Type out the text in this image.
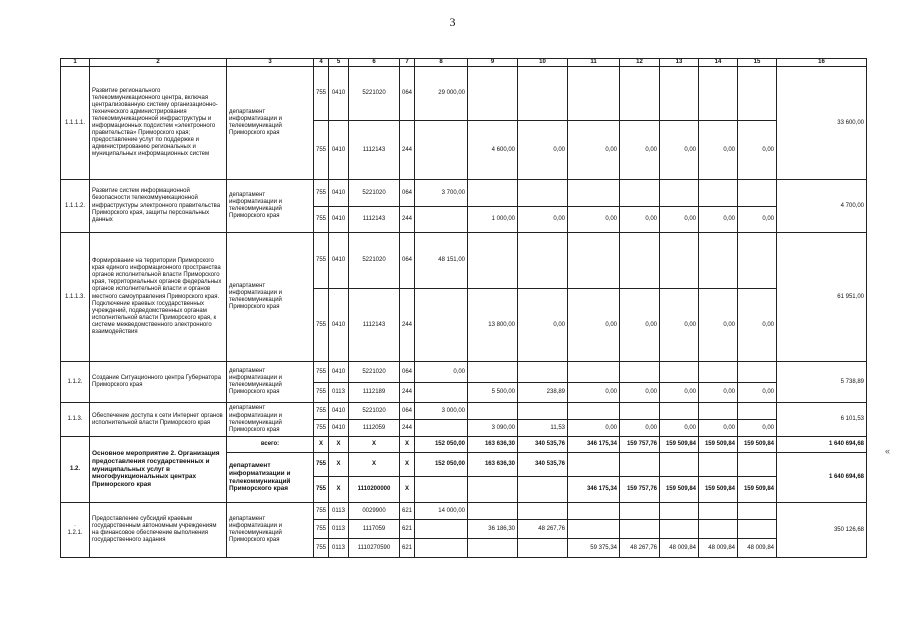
3
«
1	2	3	4	5	6	7	8	9	10	11	12	13	14	15	16
1.1.1.1.	Развитие регионального телекоммуникационного центра, включая централизованную систему организационно-технического администрирования телекоммуникационной инфраструктуры и информационных подсистем «электронного правительства» Приморского края; предоставление услуг по поддержке и администрированию региональных и муниципальных информационных систем	департамент информатизации и телекоммуникаций Приморского края	755	0410	5221020	064	29 000,00								33 600,00
			755	0410	1112143	244		4 600,00	0,00	0,00	0,00	0,00	0,00	0,00	
1.1.1.2.	Развитие систем информационной безопасности телекоммуникационной инфраструктуры электронного правительства Приморского края, защиты персональных данных	департамент информатизации и телекоммуникаций Приморского края	755	0410	5221020	064	3 700,00								4 700,00
			755	0410	1112143	244		1 000,00	0,00	0,00	0,00	0,00	0,00	0,00	
1.1.1.3.	Формирование на территории Приморского края единого информационного пространства органов исполнительной власти Приморского края, территориальных органов федеральных органов исполнительной власти и органов местного самоуправления Приморского края. Подключение краевых государственных учреждений, подведомственных органам исполнительной власти Приморского края, к системе межведомственного электронного взаимодействия	департамент информатизации и телекоммуникаций Приморского края	755	0410	5221020	064	48 151,00								61 951,00
			755	0410	1112143	244		13 800,00	0,00	0,00	0,00	0,00	0,00	0,00	
1.1.2.	Создание Ситуационного центра Губернатора Приморского края	департамент информатизации и телекоммуникаций Приморского края	755	0410	5221020	064	0,00								5 738,89
			755	0113	1112189	244		5 500,00	238,89	0,00	0,00	0,00	0,00	0,00	
1.1.3.	Обеспечение доступа к сети Интернет органов исполнительной власти Приморского края	департамент информатизации и телекоммуникаций Приморского края	755	0410	5221020	064	3 000,00								6 101,53
			755	0410	1112059	244		3 090,00	11,53	0,00	0,00	0,00	0,00	0,00	
1.2.	Основное мероприятие 2. Организация предоставления государственных и муниципальных услуг в многофункциональных центрах Приморского края	всего:	X	X	X	X	152 050,00	163 636,30	340 535,76	346 175,34	159 757,76	159 509,84	159 509,84	159 509,84	1 640 694,68
		департамент информатизации и телекоммуникаций Приморского края	755	X	X	X	152 050,00	163 636,30	340 535,76						1 640 694,68
			755	X	1110200000	X				346 175,34	159 757,76	159 509,84	159 509,84	159 509,84	

·
1.2.1.	Предоставление субсидий краевым государственным автономным учреждениям на финансовое обеспечение выполнения государственного задания	департамент информатизации и телекоммуникаций Приморского края	755	0113	0029900	621	14 000,00								350 126,68
			755	0113	1117059	621		36 186,30	48 267,76						
			755	0113	1110270590	621				59 375,34	48 267,76	48 009,84	48 009,84	48 009,84	
